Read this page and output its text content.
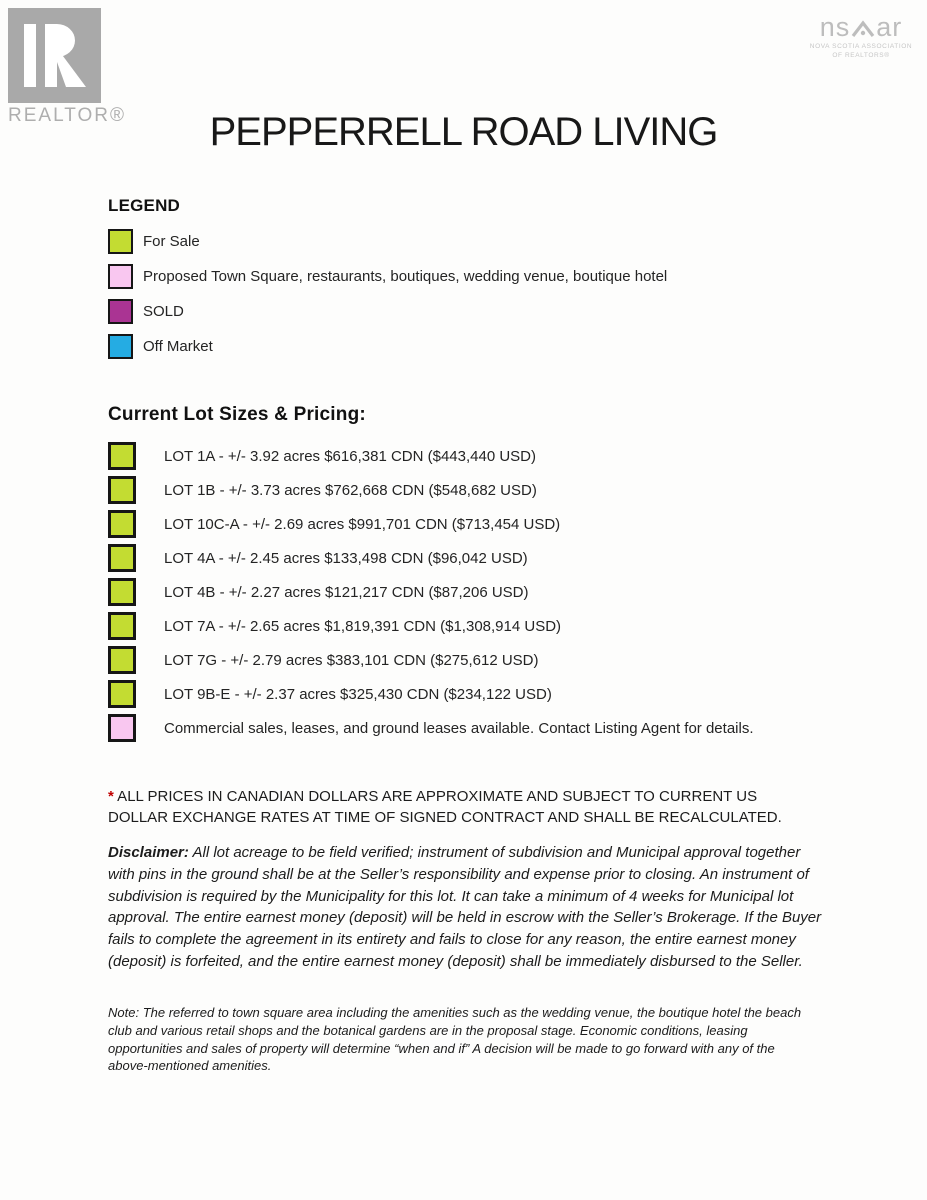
REALTOR®
ns ar
NOVA SCOTIA ASSOCIATION
OF REALTORS®
PEPPERRELL ROAD LIVING
LEGEND
For Sale
Proposed Town Square, restaurants, boutiques, wedding venue, boutique hotel
SOLD
Off Market
Current Lot Sizes & Pricing:
LOT 1A - +/- 3.92 acres $616,381 CDN ($443,440 USD)
LOT 1B - +/- 3.73 acres $762,668 CDN ($548,682 USD)
LOT 10C-A - +/- 2.69 acres $991,701 CDN ($713,454 USD)
LOT 4A - +/- 2.45 acres $133,498 CDN ($96,042 USD)
LOT 4B - +/- 2.27 acres $121,217 CDN ($87,206 USD)
LOT 7A - +/- 2.65 acres $1,819,391 CDN ($1,308,914 USD)
LOT 7G - +/- 2.79 acres $383,101 CDN ($275,612 USD)
LOT 9B-E - +/- 2.37 acres $325,430 CDN ($234,122 USD)
Commercial sales, leases, and ground leases available. Contact Listing Agent for details.
* ALL PRICES IN CANADIAN DOLLARS ARE APPROXIMATE AND SUBJECT TO CURRENT US DOLLAR EXCHANGE RATES AT TIME OF SIGNED CONTRACT AND SHALL BE RECALCULATED.
Disclaimer: All lot acreage to be field verified; instrument of subdivision and Municipal approval together with pins in the ground shall be at the Seller’s responsibility and expense prior to closing. An instrument of subdivision is required by the Municipality for this lot. It can take a minimum of 4 weeks for Municipal lot approval. The entire earnest money (deposit) will be held in escrow with the Seller’s Brokerage. If the Buyer fails to complete the agreement in its entirety and fails to close for any reason, the entire earnest money (deposit) is forfeited, and the entire earnest money (deposit) shall be immediately disbursed to the Seller.
Note: The referred to town square area including the amenities such as the wedding venue, the boutique hotel the beach club and various retail shops and the botanical gardens are in the proposal stage. Economic conditions, leasing opportunities and sales of property will determine “when and if” A decision will be made to go forward with any of the above-mentioned amenities.
